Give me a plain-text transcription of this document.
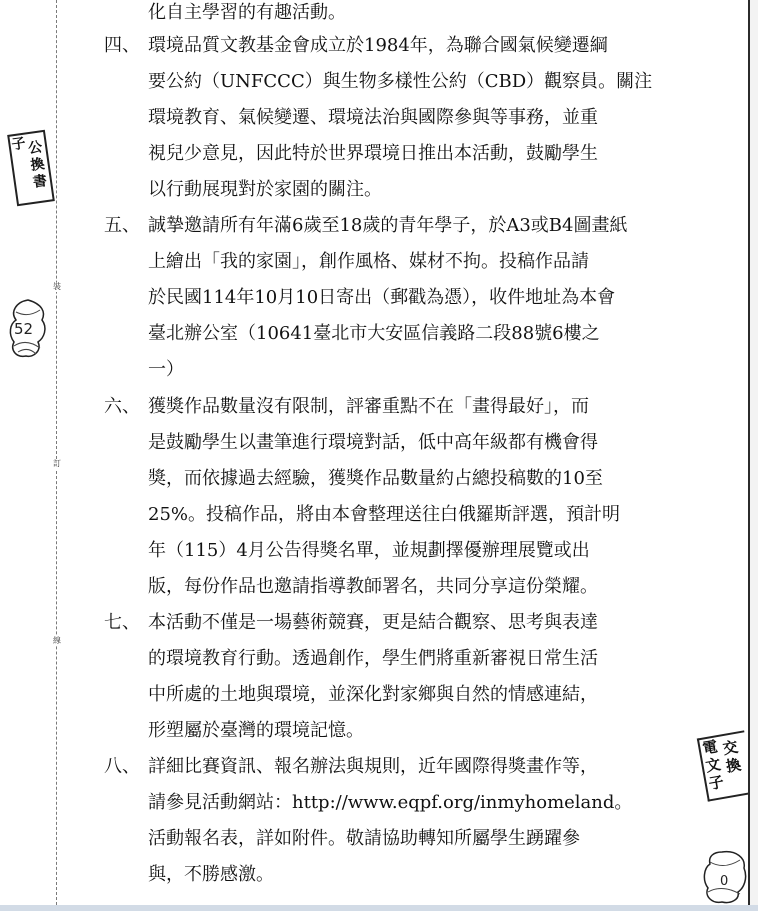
裝
訂
線
子 公
換
書
52
電
文
子
交
換
0
化自主學習的有趣活動。
四、 環境品質文教基金會成立於1984年，為聯合國氣候變遷綱
要公約（UNFCCC）與生物多樣性公約（CBD）觀察員。關注
環境教育、氣候變遷、環境法治與國際參與等事務，並重
視兒少意見，因此特於世界環境日推出本活動，鼓勵學生
以行動展現對於家園的關注。
五、 誠摯邀請所有年滿6歲至18歲的青年學子，於A3或B4圖畫紙
上繪出「我的家園」，創作風格、媒材不拘。投稿作品請
於民國114年10月10日寄出（郵戳為憑），收件地址為本會
臺北辦公室（10641臺北市大安區信義路二段88號6樓之
一）
六、 獲獎作品數量沒有限制，評審重點不在「畫得最好」，而
是鼓勵學生以畫筆進行環境對話，低中高年級都有機會得
獎，而依據過去經驗，獲獎作品數量約占總投稿數的10至
25%。投稿作品，將由本會整理送往白俄羅斯評選，預計明
年（115）4月公告得獎名單，並規劃擇優辦理展覽或出
版，每份作品也邀請指導教師署名，共同分享這份榮耀。
七、 本活動不僅是一場藝術競賽，更是結合觀察、思考與表達
的環境教育行動。透過創作，學生們將重新審視日常生活
中所處的土地與環境，並深化對家鄉與自然的情感連結，
形塑屬於臺灣的環境記憶。
八、 詳細比賽資訊、報名辦法與規則，近年國際得獎畫作等，
請參見活動網站：http://www.eqpf.org/inmyhomeland。
活動報名表，詳如附件。敬請協助轉知所屬學生踴躍參
與，不勝感激。
